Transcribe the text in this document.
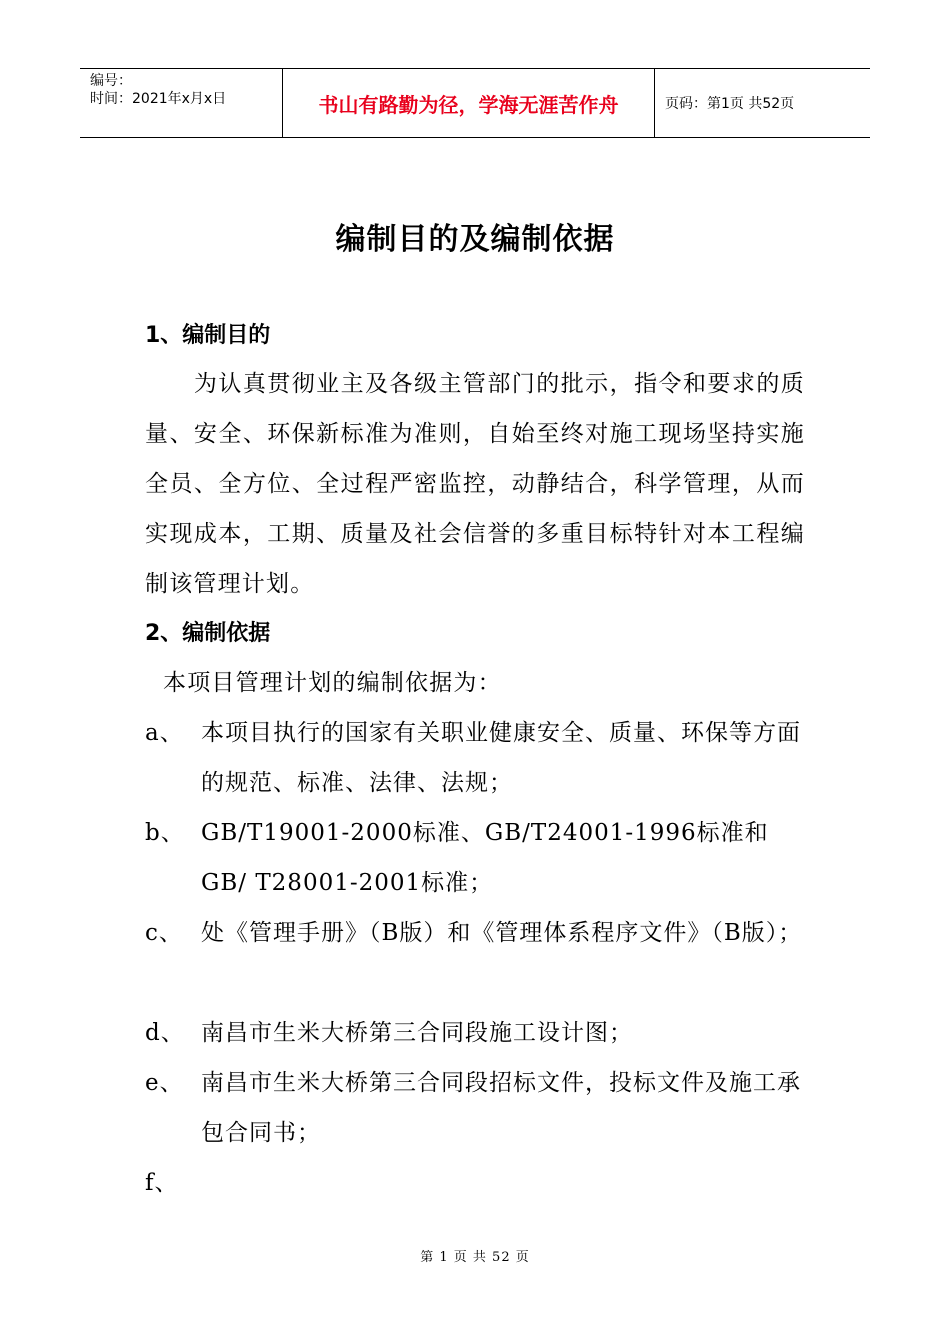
编号：
时间：2021年x月x日	书山有路勤为径，学海无涯苦作舟	页码：第1页 共52页
编制目的及编制依据
1、编制目的
　　为认真贯彻业主及各级主管部门的批示，指令和要求的质量、安全、环保新标准为准则，自始至终对施工现场坚持实施全员、全方位、全过程严密监控，动静结合，科学管理，从而实现成本，工期、质量及社会信誉的多重目标特针对本工程编制该管理计划。
2、编制依据
本项目管理计划的编制依据为：
a、 本项目执行的国家有关职业健康安全、质量、环保等方面的规范、标准、法律、法规；
b、 GB/T19001-2000标准、GB/T24001-1996标准和GB/ T28001-2001标准；
c、 处《管理手册》（B版）和《管理体系程序文件》（B版）；
d、 南昌市生米大桥第三合同段施工设计图；
e、 南昌市生米大桥第三合同段招标文件，投标文件及施工承包合同书；
f、
第 1 页 共 52 页
